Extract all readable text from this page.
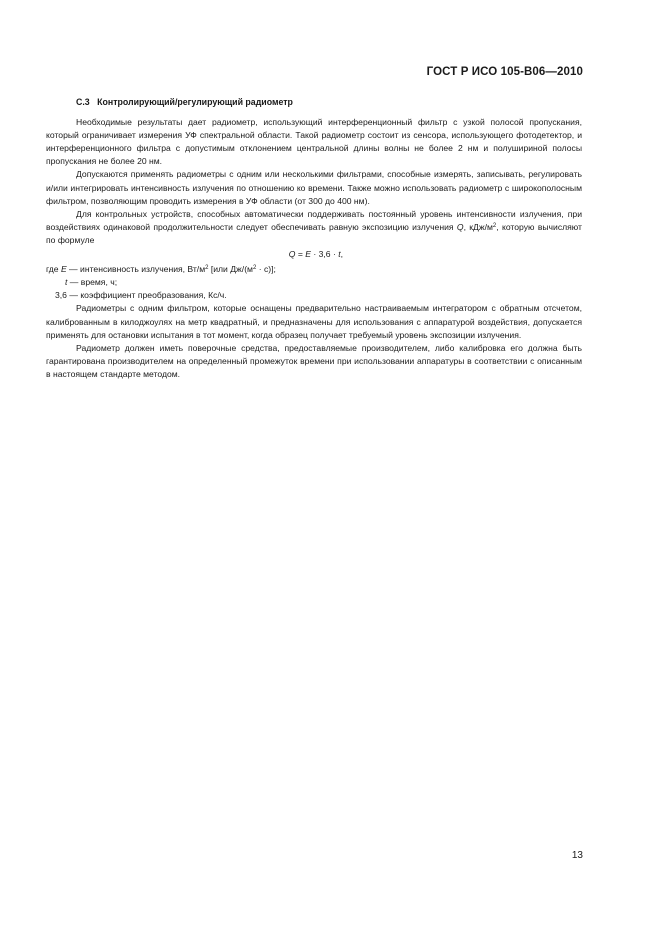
ГОСТ Р ИСО 105-В06—2010
С.3 Контролирующий/регулирующий радиометр

Необходимые результаты дает радиометр, использующий интерференционный фильтр с узкой полосой пропускания, который ограничивает измерения УФ спектральной области. Такой радиометр состоит из сенсора, использующего фотодетектор, и интерференционного фильтра с допустимым отклонением центральной длины волны не более 2 нм и полушириной полосы пропускания не более 20 нм.

Допускаются применять радиометры с одним или несколькими фильтрами, способные измерять, записывать, регулировать и/или интегрировать интенсивность излучения по отношению ко времени. Также можно использовать радиометр с широкополосным фильтром, позволяющим проводить измерения в УФ области (от 300 до 400 нм).

Для контрольных устройств, способных автоматически поддерживать постоянный уровень интенсивности излучения, при воздействиях одинаковой продолжительности следует обеспечивать равную экспозицию излучения Q, кДж/$м^2$, которую вычисляют по формуле

Q = E · 3,6 · t,
где E — интенсивность излучения, $Вт/м^2$ [или $Дж/(м^2 \cdot с)$];
t — время, ч;
3,6 — коэффициент преобразования, Кс/ч.

Радиометры с одним фильтром, которые оснащены предварительно настраиваемым интегратором с обратным отсчетом, калиброванным в килоджоулях на метр квадратный, и предназначены для использования с аппаратурой воздействия, допускается применять для остановки испытания в тот момент, когда образец получает требуемый уровень экспозиции излучения.

Радиометр должен иметь поверочные средства, предоставляемые производителем, либо калибровка его должна быть гарантирована производителем на определенный промежуток времени при использовании аппаратуры в соответствии с описанным в настоящем стандарте методом.

13
